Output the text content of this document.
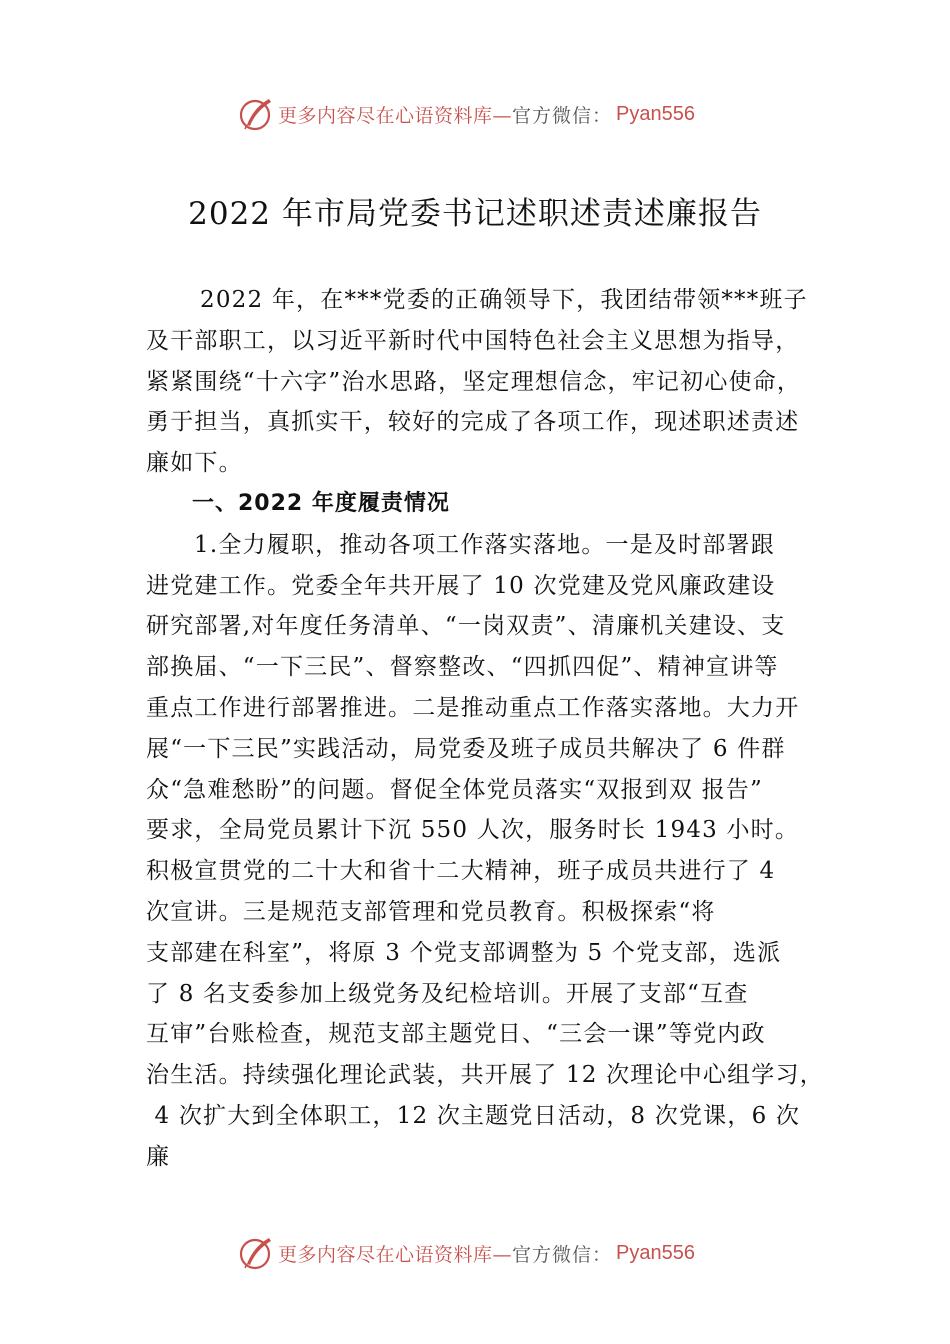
更多内容尽在心语资料库— 官方微信： Pyan556
2022 年市局党委书记述职述责述廉报告
2022 年，在***党委的正确领导下，我团结带领***班子
及干部职工，以习近平新时代中国特色社会主义思想为指导，
紧紧围绕“十六字”治水思路，坚定理想信念，牢记初心使命，
勇于担当，真抓实干，较好的完成了各项工作，现述职述责述
廉如下。
一、2022 年度履责情况
1.全力履职，推动各项工作落实落地。一是及时部署跟
进党建工作。党委全年共开展了 10 次党建及党风廉政建设
研究部署,对年度任务清单、“一岗双责”、清廉机关建设、支
部换届、“一下三民”、督察整改、“四抓四促”、精神宣讲等
重点工作进行部署推进。二是推动重点工作落实落地。大力开
展“一下三民”实践活动，局党委及班子成员共解决了 6 件群
众“急难愁盼”的问题。督促全体党员落实“双报到双 报告”
要求，全局党员累计下沉 550 人次，服务时长 1943 小时。
积极宣贯党的二十大和省十二大精神，班子成员共进行了 4
次宣讲。三是规范支部管理和党员教育。积极探索“将
支部建在科室”，将原 3 个党支部调整为 5 个党支部，选派
了 8 名支委参加上级党务及纪检培训。开展了支部“互查
互审”台账检查，规范支部主题党日、“三会一课”等党内政
治生活。持续强化理论武装，共开展了 12 次理论中心组学习，
4 次扩大到全体职工，12 次主题党日活动，8 次党课，6 次
廉
更多内容尽在心语资料库— 官方微信： Pyan556
